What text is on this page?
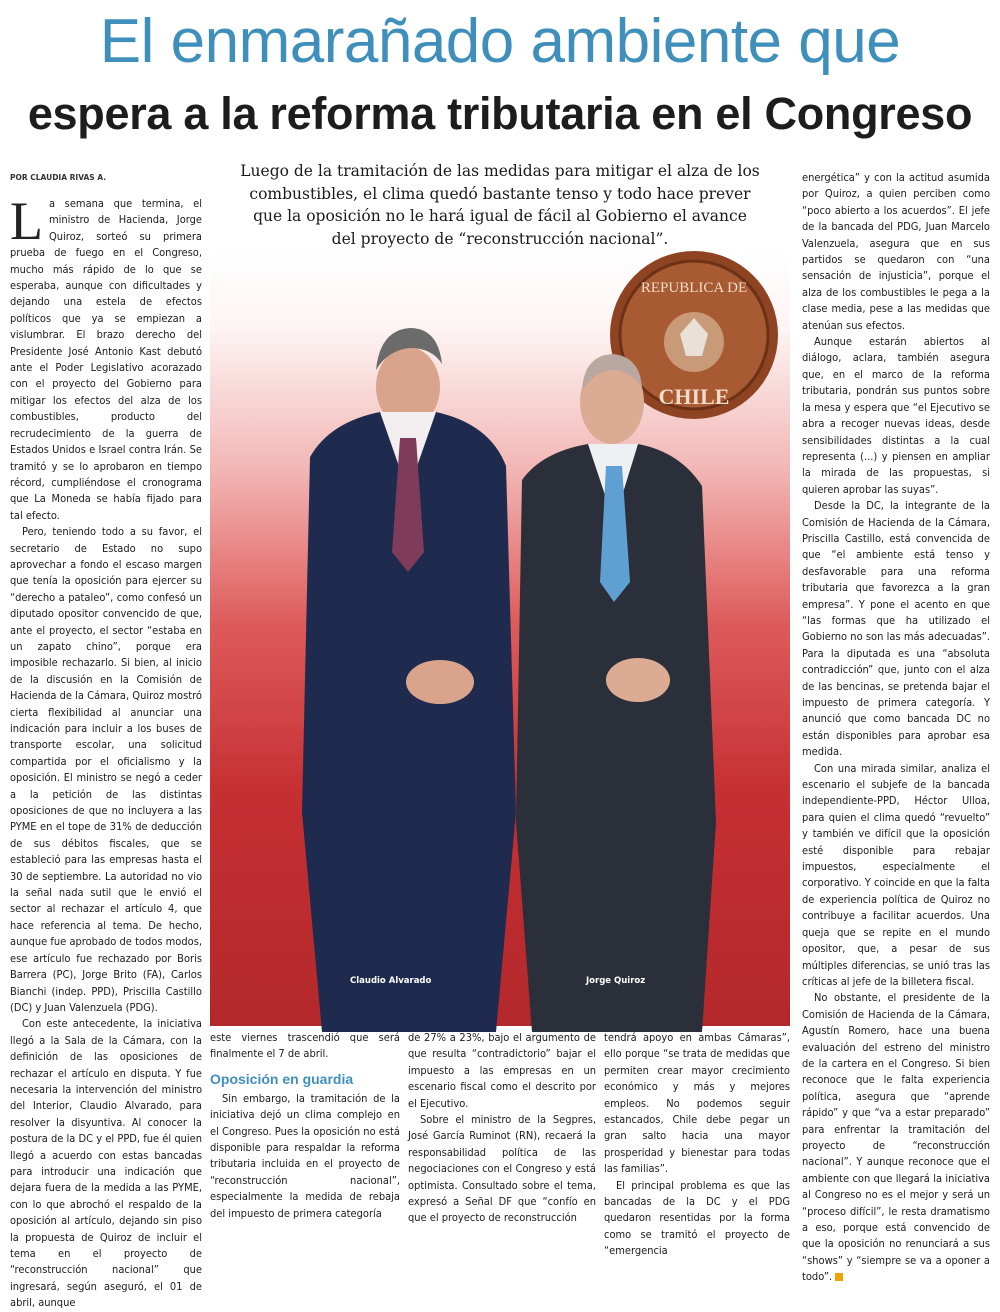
El enmarañado ambiente que
espera a la reforma tributaria en el Congreso
POR CLAUDIA RIVAS A.	Luego de la tramitación de las medidas para mitigar el alza de los combustibles, el clima quedó bastante tenso y todo hace prever que la oposición no le hará igual de fácil al Gobierno el avance del proyecto de “reconstrucción nacional”.

La semana que termina, el ministro de Hacienda, Jorge Quiroz, sorteó su primera prueba de fuego en el Congreso, mucho más rápido de lo que se esperaba, aunque con dificultades y dejando una estela de efectos políticos que ya se empiezan a vislumbrar. El brazo derecho del Presidente José Antonio Kast debutó ante el Poder Legislativo acorazado con el proyecto del Gobierno para mitigar los efectos del alza de los combustibles, producto del recrudecimiento de la guerra de Estados Unidos e Israel contra Irán. Se tramitó y se lo aprobaron en tiempo récord, cumpliéndose el cronograma que La Moneda se había fijado para tal efecto.

Pero, teniendo todo a su favor, el secretario de Estado no supo aprovechar a fondo el escaso margen que tenía la oposición para ejercer su “derecho a pataleo”, como confesó un diputado opositor convencido de que, ante el proyecto, el sector “estaba en un zapato chino”, porque era imposible rechazarlo. Si bien, al inicio de la discusión en la Comisión de Hacienda de la Cámara, Quiroz mostró cierta flexibilidad al anunciar una indicación para incluir a los buses de transporte escolar, una solicitud compartida por el oficialismo y la oposición. El ministro se negó a ceder a la petición de las distintas oposiciones de que no incluyera a las PYME en el tope de 31% de deducción de sus débitos fiscales, que se estableció para las empresas hasta el 30 de septiembre. La autoridad no vio la señal nada sutil que le envió el sector al rechazar el artículo 4, que hace referencia al tema. De hecho, aunque fue aprobado de todos modos, ese artículo fue rechazado por Boris Barrera (PC), Jorge Brito (FA), Carlos Bianchi (indep. PPD), Priscilla Castillo (DC) y Juan Valenzuela (PDG).

Con este antecedente, la iniciativa llegó a la Sala de la Cámara, con la definición de las oposiciones de rechazar el artículo en disputa. Y fue necesaria la intervención del ministro del Interior, Claudio Alvarado, para resolver la disyuntiva. Al conocer la postura de la DC y el PPD, fue él quien llegó a acuerdo con estas bancadas para introducir una indicación que dejara fuera de la medida a las PYME, con lo que abrochó el respaldo de la oposición al artículo, dejando sin piso la propuesta de Quiroz de incluir el tema en el proyecto de “reconstrucción nacional” que ingresará, según aseguró, el 01 de abril, aunque

REPUBLICA DE
CHILE
Claudio Alvarado	Jorge Quiroz

este viernes trascendió que será finalmente el 7 de abril.

Oposición en guardia

Sin embargo, la tramitación de la iniciativa dejó un clima complejo en el Congreso. Pues la oposición no está disponible para respaldar la reforma tributaria incluida en el proyecto de “reconstrucción nacional”, especialmente la medida de rebaja del impuesto de primera categoría

de 27% a 23%, bajo el argumento de que resulta “contradictorio” bajar el impuesto a las empresas en un escenario fiscal como el descrito por el Ejecutivo.

Sobre el ministro de la Segpres, José García Ruminot (RN), recaerá la responsabilidad política de las negociaciones con el Congreso y está optimista. Consultado sobre el tema, expresó a Señal DF que “confío en que el proyecto de reconstrucción

tendrá apoyo en ambas Cámaras”, ello porque “se trata de medidas que permiten crear mayor crecimiento económico y más y mejores empleos. No podemos seguir estancados, Chile debe pegar un gran salto hacia una mayor prosperidad y bienestar para todas las familias”.

El principal problema es que las bancadas de la DC y el PDG quedaron resentidas por la forma como se tramitó el proyecto de “emergencia

energética” y con la actitud asumida por Quiroz, a quien perciben como “poco abierto a los acuerdos”. El jefe de la bancada del PDG, Juan Marcelo Valenzuela, asegura que en sus partidos se quedaron con “una sensación de injusticia”, porque el alza de los combustibles le pega a la clase media, pese a las medidas que atenúan sus efectos.

Aunque estarán abiertos al diálogo, aclara, también asegura que, en el marco de la reforma tributaria, pondrán sus puntos sobre la mesa y espera que “el Ejecutivo se abra a recoger nuevas ideas, desde sensibilidades distintas a la cual representa (...) y piensen en ampliar la mirada de las propuestas, si quieren aprobar las suyas”.

Desde la DC, la integrante de la Comisión de Hacienda de la Cámara, Priscilla Castillo, está convencida de que “el ambiente está tenso y desfavorable para una reforma tributaria que favorezca a la gran empresa”. Y pone el acento en que “las formas que ha utilizado el Gobierno no son las más adecuadas”. Para la diputada es una “absoluta contradicción” que, junto con el alza de las bencinas, se pretenda bajar el impuesto de primera categoría. Y anunció que como bancada DC no están disponibles para aprobar esa medida.

Con una mirada similar, analiza el escenario el subjefe de la bancada independiente-PPD, Héctor Ulloa, para quien el clima quedó “revuelto” y también ve difícil que la oposición esté disponible para rebajar impuestos, especialmente el corporativo. Y coincide en que la falta de experiencia política de Quiroz no contribuye a facilitar acuerdos. Una queja que se repite en el mundo opositor, que, a pesar de sus múltiples diferencias, se unió tras las críticas al jefe de la billetera fiscal.

No obstante, el presidente de la Comisión de Hacienda de la Cámara, Agustín Romero, hace una buena evaluación del estreno del ministro de la cartera en el Congreso. Si bien reconoce que le falta experiencia política, asegura que “aprende rápido” y que “va a estar preparado” para enfrentar la tramitación del proyecto de “reconstrucción nacional”. Y aunque reconoce que el ambiente con que llegará la iniciativa al Congreso no es el mejor y será un “proceso difícil”, le resta dramatismo a eso, porque está convencido de que la oposición no renunciará a sus “shows” y “siempre se va a oponer a todo”.
